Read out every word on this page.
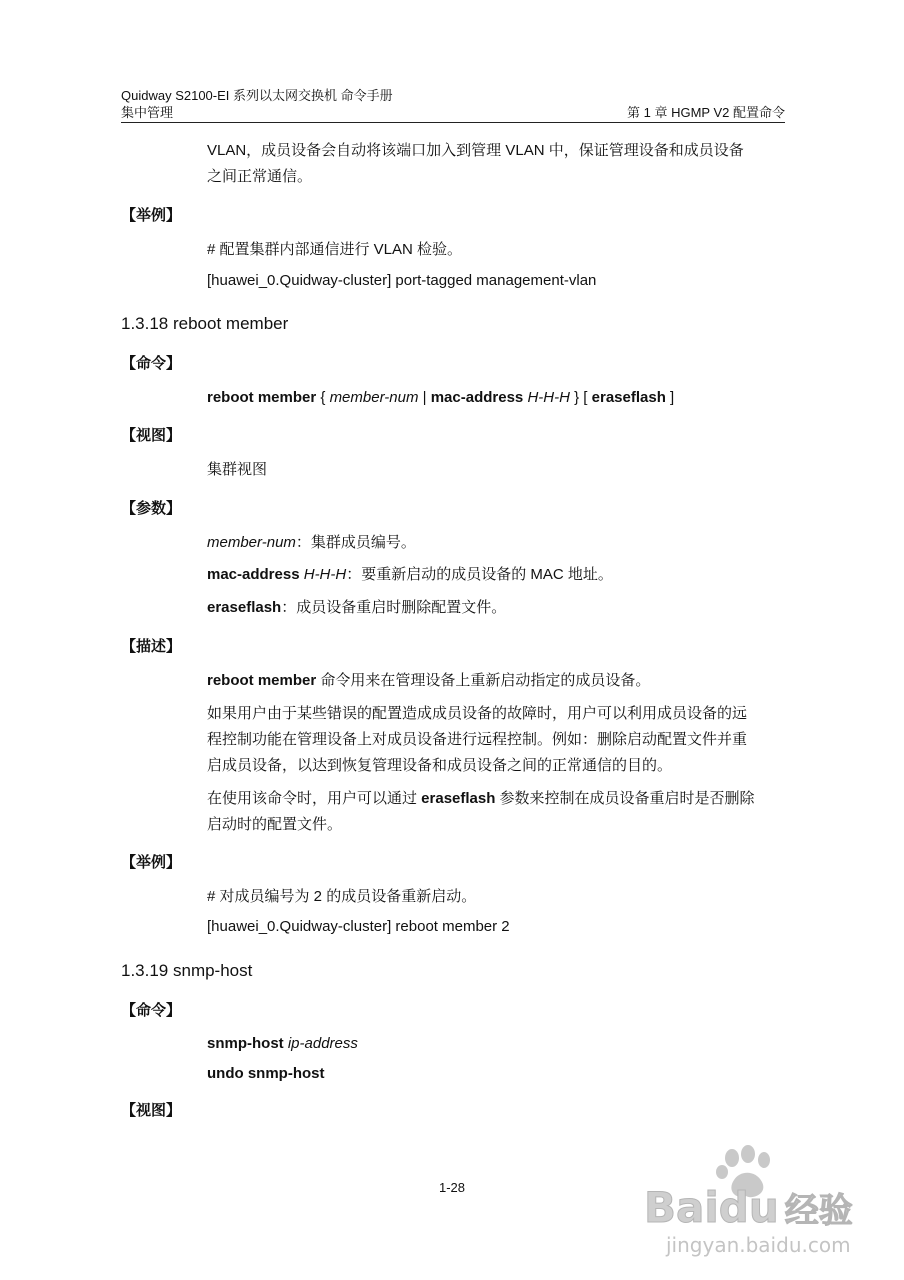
Quidway S2100-EI 系列以太网交换机 命令手册
集中管理	第 1 章 HGMP V2 配置命令
VLAN，成员设备会自动将该端口加入到管理 VLAN 中，保证管理设备和成员设备
之间正常通信。
【举例】
# 配置集群内部通信进行 VLAN 检验。
[huawei_0.Quidway-cluster] port-tagged management-vlan
1.3.18 reboot member
【命令】
reboot member { member-num | mac-address H-H-H } [ eraseflash ]
【视图】
集群视图
【参数】
member-num：集群成员编号。
mac-address H-H-H：要重新启动的成员设备的 MAC 地址。
eraseflash：成员设备重启时删除配置文件。
【描述】
reboot member 命令用来在管理设备上重新启动指定的成员设备。
如果用户由于某些错误的配置造成成员设备的故障时，用户可以利用成员设备的远
程控制功能在管理设备上对成员设备进行远程控制。例如：删除启动配置文件并重
启成员设备，以达到恢复管理设备和成员设备之间的正常通信的目的。
在使用该命令时，用户可以通过 eraseflash 参数来控制在成员设备重启时是否删除
启动时的配置文件。
【举例】
# 对成员编号为 2 的成员设备重新启动。
[huawei_0.Quidway-cluster] reboot member 2
1.3.19 snmp-host
【命令】
snmp-host ip-address
undo snmp-host
【视图】
1-28	Baidu 经验
jingyan.baidu.com
